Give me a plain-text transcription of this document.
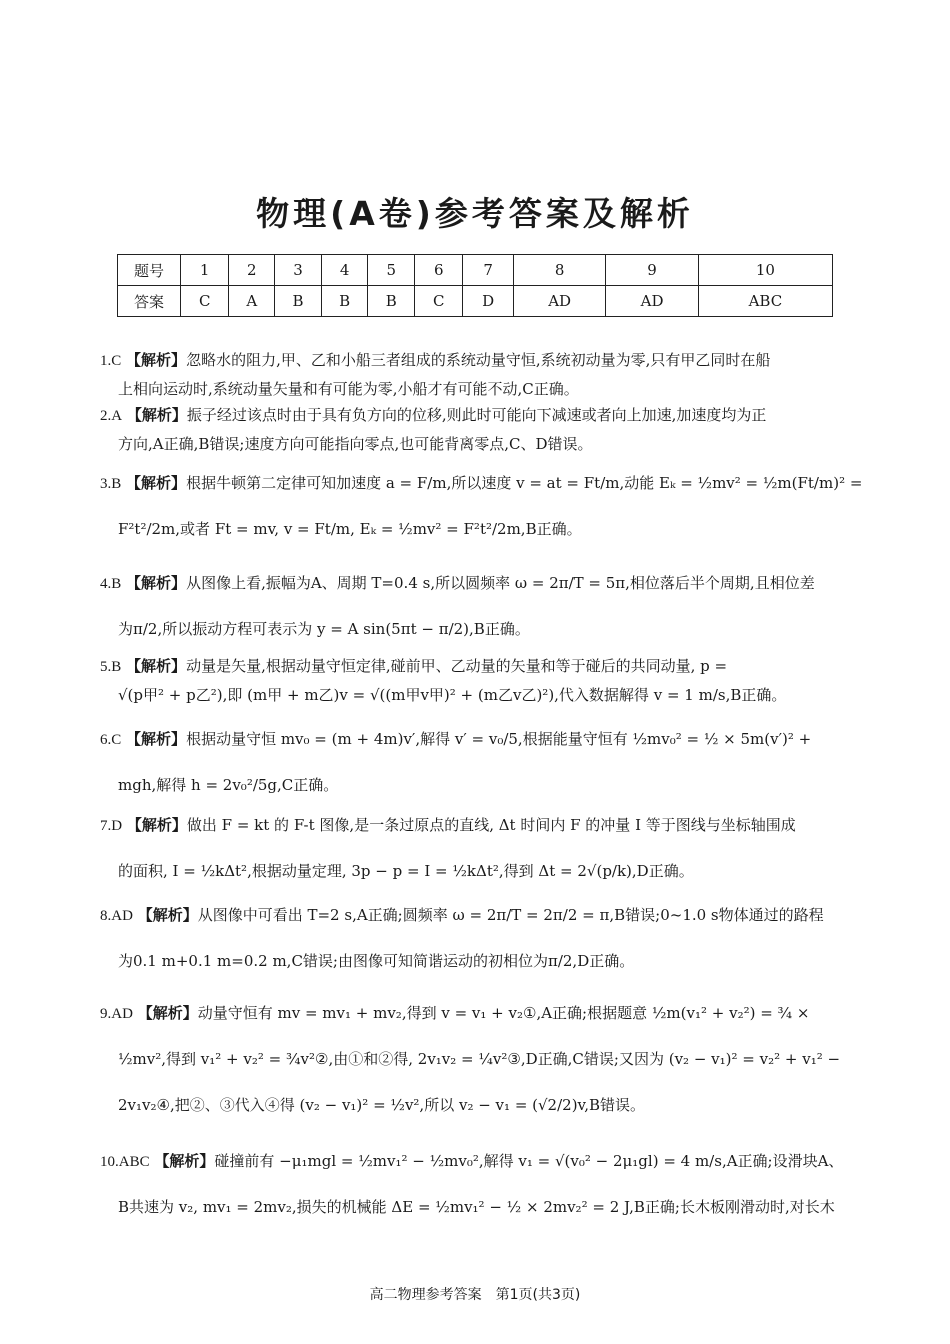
物理(A卷)参考答案及解析
题号	1	2	3	4	5	6	7	8	9	10
答案	C	A	B	B	B	C	D	AD	AD	ABC
1.C 【解析】忽略水的阻力,甲、乙和小船三者组成的系统动量守恒,系统初动量为零,只有甲乙同时在船
上相向运动时,系统动量矢量和有可能为零,小船才有可能不动,C正确。
2.A 【解析】振子经过该点时由于具有负方向的位移,则此时可能向下减速或者向上加速,加速度均为正
方向,A正确,B错误;速度方向可能指向零点,也可能背离零点,C、D错误。
3.B 【解析】根据牛顿第二定律可知加速度 a = F/m,所以速度 v = at = Ft/m,动能 Eₖ = ½mv² = ½m(Ft/m)² =
F²t²/2m,或者 Ft = mv, v = Ft/m, Eₖ = ½mv² = F²t²/2m,B正确。
4.B 【解析】从图像上看,振幅为A、周期 T=0.4 s,所以圆频率 ω = 2π/T = 5π,相位落后半个周期,且相位差
为π/2,所以振动方程可表示为 y = A sin(5πt − π/2),B正确。
5.B 【解析】动量是矢量,根据动量守恒定律,碰前甲、乙动量的矢量和等于碰后的共同动量, p =
√(p甲² + p乙²),即 (m甲 + m乙)v = √((m甲v甲)² + (m乙v乙)²),代入数据解得 v = 1 m/s,B正确。
6.C 【解析】根据动量守恒 mv₀ = (m + 4m)v′,解得 v′ = v₀/5,根据能量守恒有 ½mv₀² = ½ × 5m(v′)² +
mgh,解得 h = 2v₀²/5g,C正确。
7.D 【解析】做出 F = kt 的 F-t 图像,是一条过原点的直线, Δt 时间内 F 的冲量 I 等于图线与坐标轴围成
的面积, I = ½kΔt²,根据动量定理, 3p − p = I = ½kΔt²,得到 Δt = 2√(p/k),D正确。
8.AD 【解析】从图像中可看出 T=2 s,A正确;圆频率 ω = 2π/T = 2π/2 = π,B错误;0~1.0 s物体通过的路程
为0.1 m+0.1 m=0.2 m,C错误;由图像可知简谐运动的初相位为π/2,D正确。
9.AD 【解析】动量守恒有 mv = mv₁ + mv₂,得到 v = v₁ + v₂①,A正确;根据题意 ½m(v₁² + v₂²) = ¾ ×
½mv²,得到 v₁² + v₂² = ¾v²②,由①和②得, 2v₁v₂ = ¼v²③,D正确,C错误;又因为 (v₂ − v₁)² = v₂² + v₁² −
2v₁v₂④,把②、③代入④得 (v₂ − v₁)² = ½v²,所以 v₂ − v₁ = (√2/2)v,B错误。
10.ABC 【解析】碰撞前有 −μ₁mgl = ½mv₁² − ½mv₀²,解得 v₁ = √(v₀² − 2μ₁gl) = 4 m/s,A正确;设滑块A、
B共速为 v₂, mv₁ = 2mv₂,损失的机械能 ΔE = ½mv₁² − ½ × 2mv₂² = 2 J,B正确;长木板刚滑动时,对长木
高二物理参考答案　第1页(共3页)
